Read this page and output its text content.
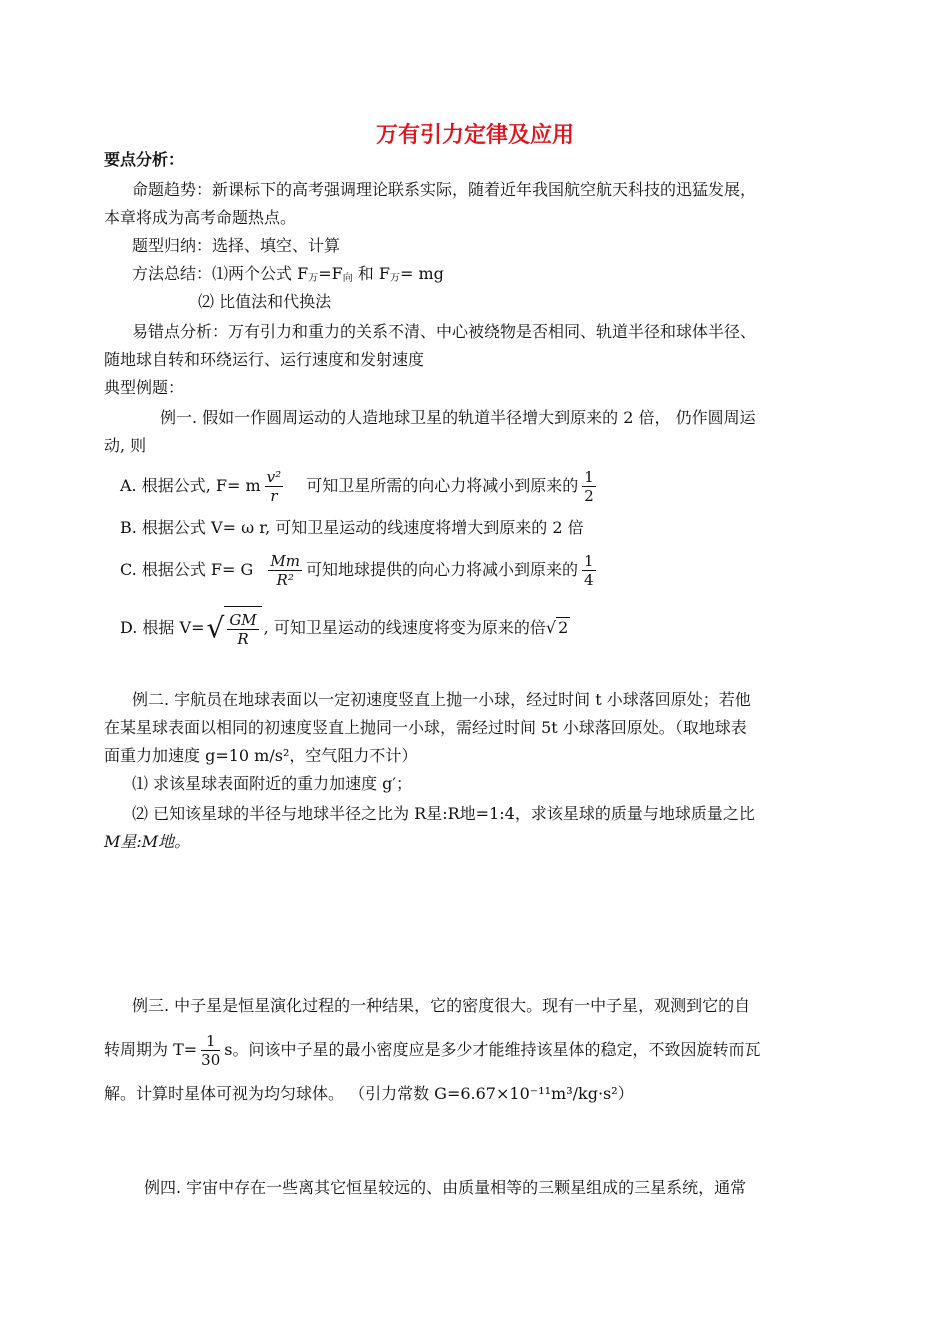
万有引力定律及应用
要点分析：
命题趋势：新课标下的高考强调理论联系实际，随着近年我国航空航天科技的迅猛发展，
本章将成为高考命题热点。
题型归纳：选择、填空、计算
方法总结：⑴两个公式 $F_万=F_向$ 和 $F_万=$ mg
⑵ 比值法和代换法
易错点分析：万有引力和重力的关系不清、中心被绕物是否相同、轨道半径和球体半径、
随地球自转和环绕运行、运行速度和发射速度
典型例题：
例一. 假如一作圆周运动的人造地球卫星的轨道半径增大到原来的 2 倍， 仍作圆周运
动, 则
A. 根据公式, F= m $\frac{\text{v²}}{r}$ 可知卫星所需的向心力将减小到原来的 $\frac{1}{2}$
B. 根据公式 V= ω r, 可知卫星运动的线速度将增大到原来的 2 倍
C. 根据公式 F= G $\frac{Mm}{\text{R²}}$ 可知地球提供的向心力将减小到原来的 $\frac{1}{4}$
D. 根据 $V=√ \frac{GM}{R}$ , 可知卫星运动的线速度将变为原来的倍√ 2
例二. 宇航员在地球表面以一定初速度竖直上抛一小球，经过时间 t 小球落回原处；若他
在某星球表面以相同的初速度竖直上抛同一小球，需经过时间 5t 小球落回原处。（取地球表
面重力加速度 g=10 m/s²，空气阻力不计）
⑴ 求该星球表面附近的重力加速度 g′；
⑵ 已知该星球的半径与地球半径之比为 R星:R地=1:4，求该星球的质量与地球质量之比
M星:M地。
例三. 中子星是恒星演化过程的一种结果，它的密度很大。现有一中子星，观测到它的自
转周期为 $T= \frac{1}{30}$ s。问该中子星的最小密度应是多少才能维持该星体的稳定，不致因旋转而瓦
解。计算时星体可视为均匀球体。 （引力常数 G=6.67×10⁻¹¹m³/kg·s²）
例四. 宇宙中存在一些离其它恒星较远的、由质量相等的三颗星组成的三星系统，通常
